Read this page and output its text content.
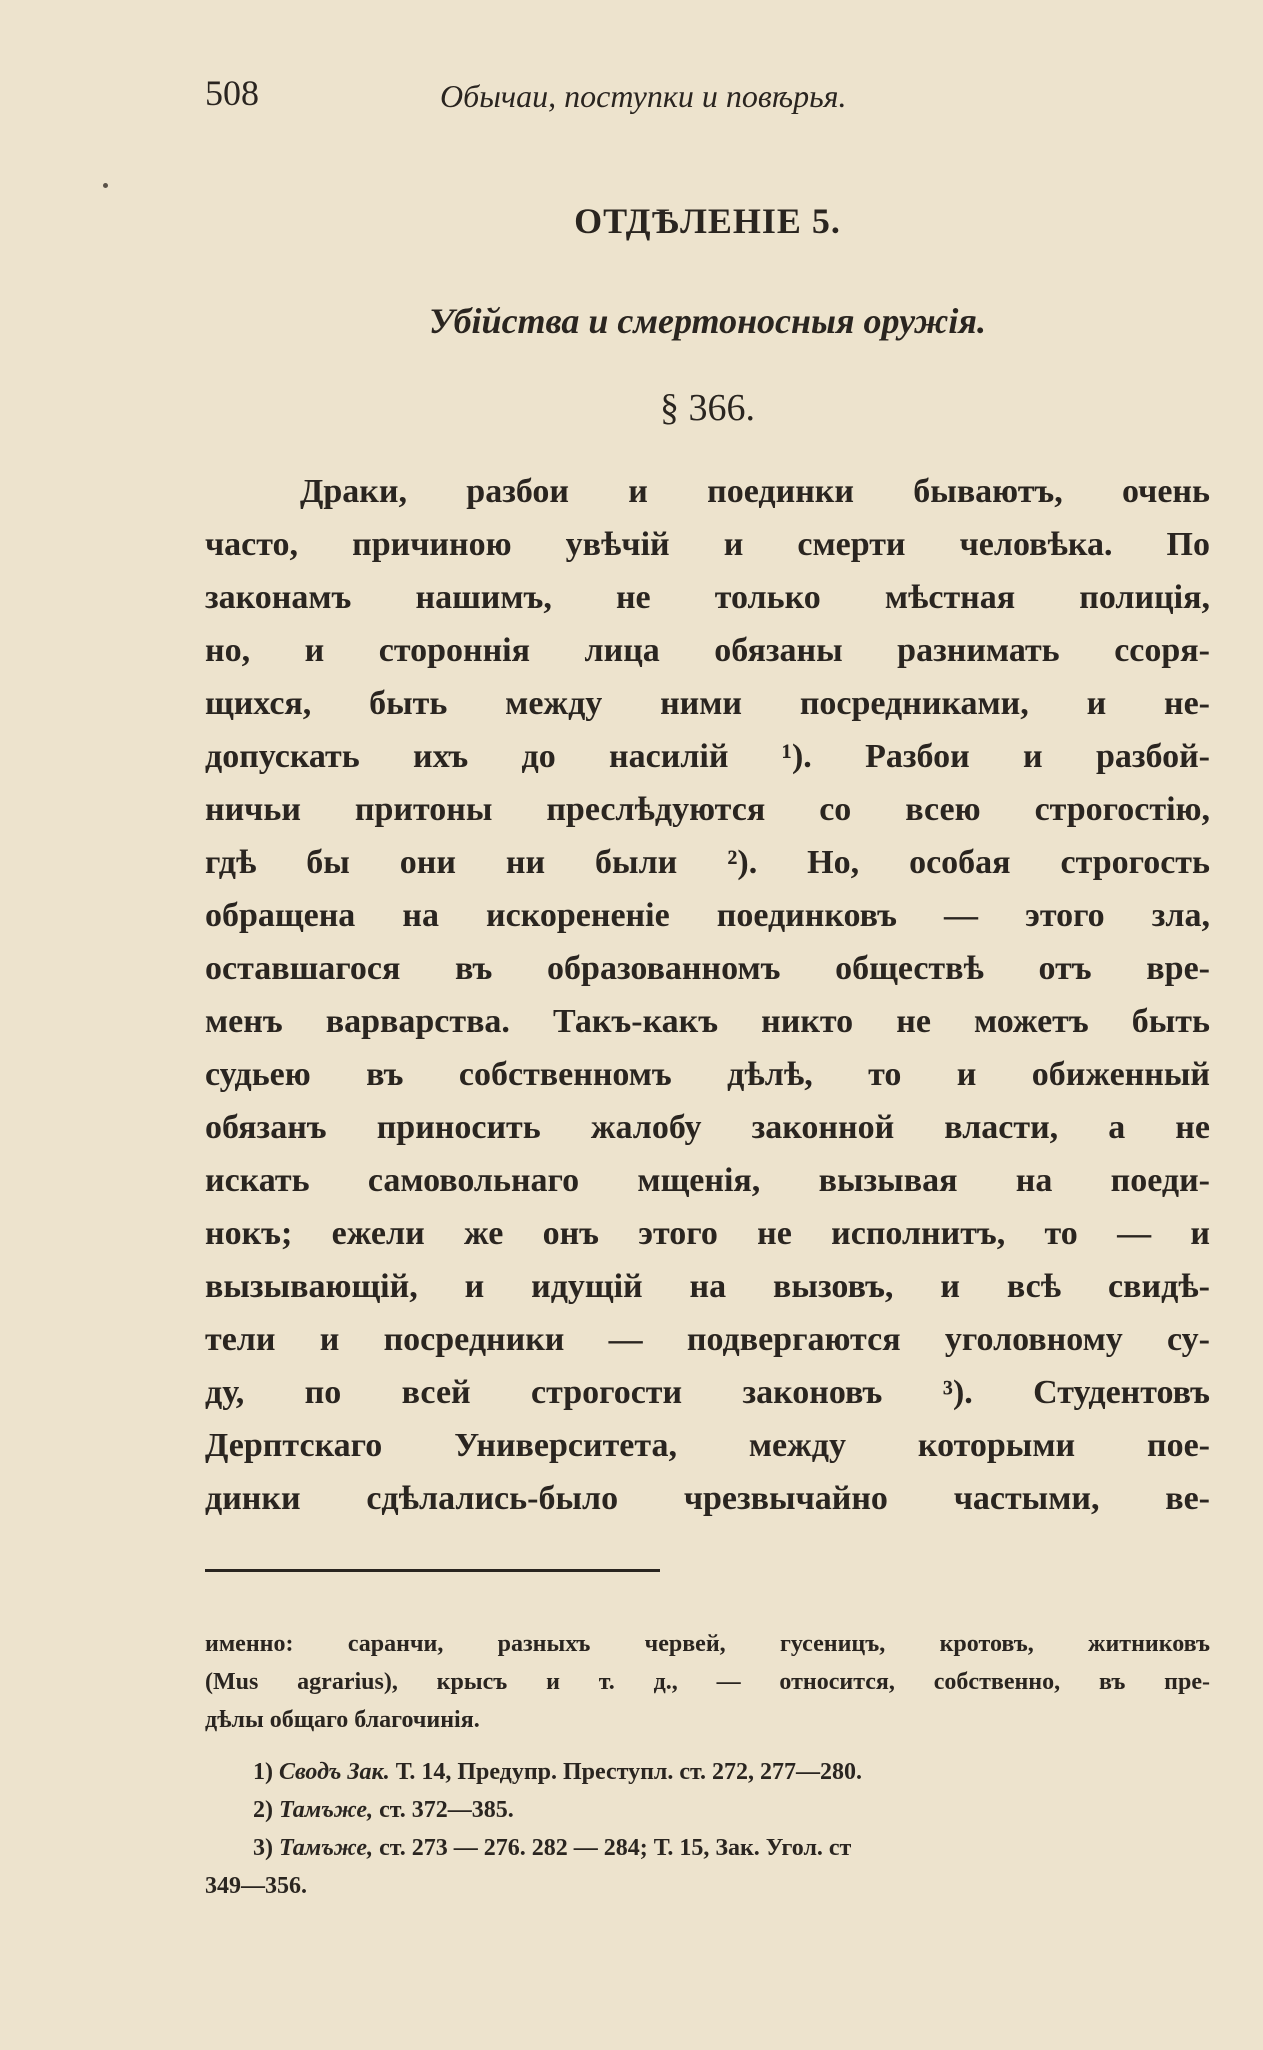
508	Обычаи, поступки и повѣрья.
ОТДѢЛЕНІЕ 5.
Убійства и смертоносныя оружія.
§ 366.
Драки, разбои и поединки бываютъ, очень
часто, причиною увѣчій и смерти человѣка. По
законамъ нашимъ, не только мѣстная полиція,
но, и стороннія лица обязаны разнимать ссоря-
щихся, быть между ними посредниками, и не-
допускать ихъ до насилій ¹). Разбои и разбой-
ничьи притоны преслѣдуются со всею строгостію,
гдѣ бы они ни были ²). Но, особая строгость
обращена на искорененіе поединковъ — этого зла,
оставшагося въ образованномъ обществѣ отъ вре-
менъ варварства. Такъ-какъ никто не можетъ быть
судьею въ собственномъ дѣлѣ, то и обиженный
обязанъ приносить жалобу законной власти, а не
искать самовольнаго мщенія, вызывая на поеди-
нокъ; ежели же онъ этого не исполнитъ, то — и
вызывающій, и идущій на вызовъ, и всѣ свидѣ-
тели и посредники — подвергаются уголовному су-
ду, по всей строгости законовъ ³). Студентовъ
Дерптскаго Университета, между которыми пое-
динки сдѣлались-было чрезвычайно частыми, ве-
именно: саранчи, разныхъ червей, гусеницъ, кротовъ, житниковъ
(Mus agrarius), крысъ и т. д., — относится, собственно, въ пре-
дѣлы общаго благочинія.
1) Сводъ Зак. Т. 14, Предупр. Преступл. ст. 272, 277—280.
2) Тамъже, ст. 372—385.
3) Тамъже, ст. 273 — 276. 282 — 284; Т. 15, Зак. Угол. ст
349—356.
